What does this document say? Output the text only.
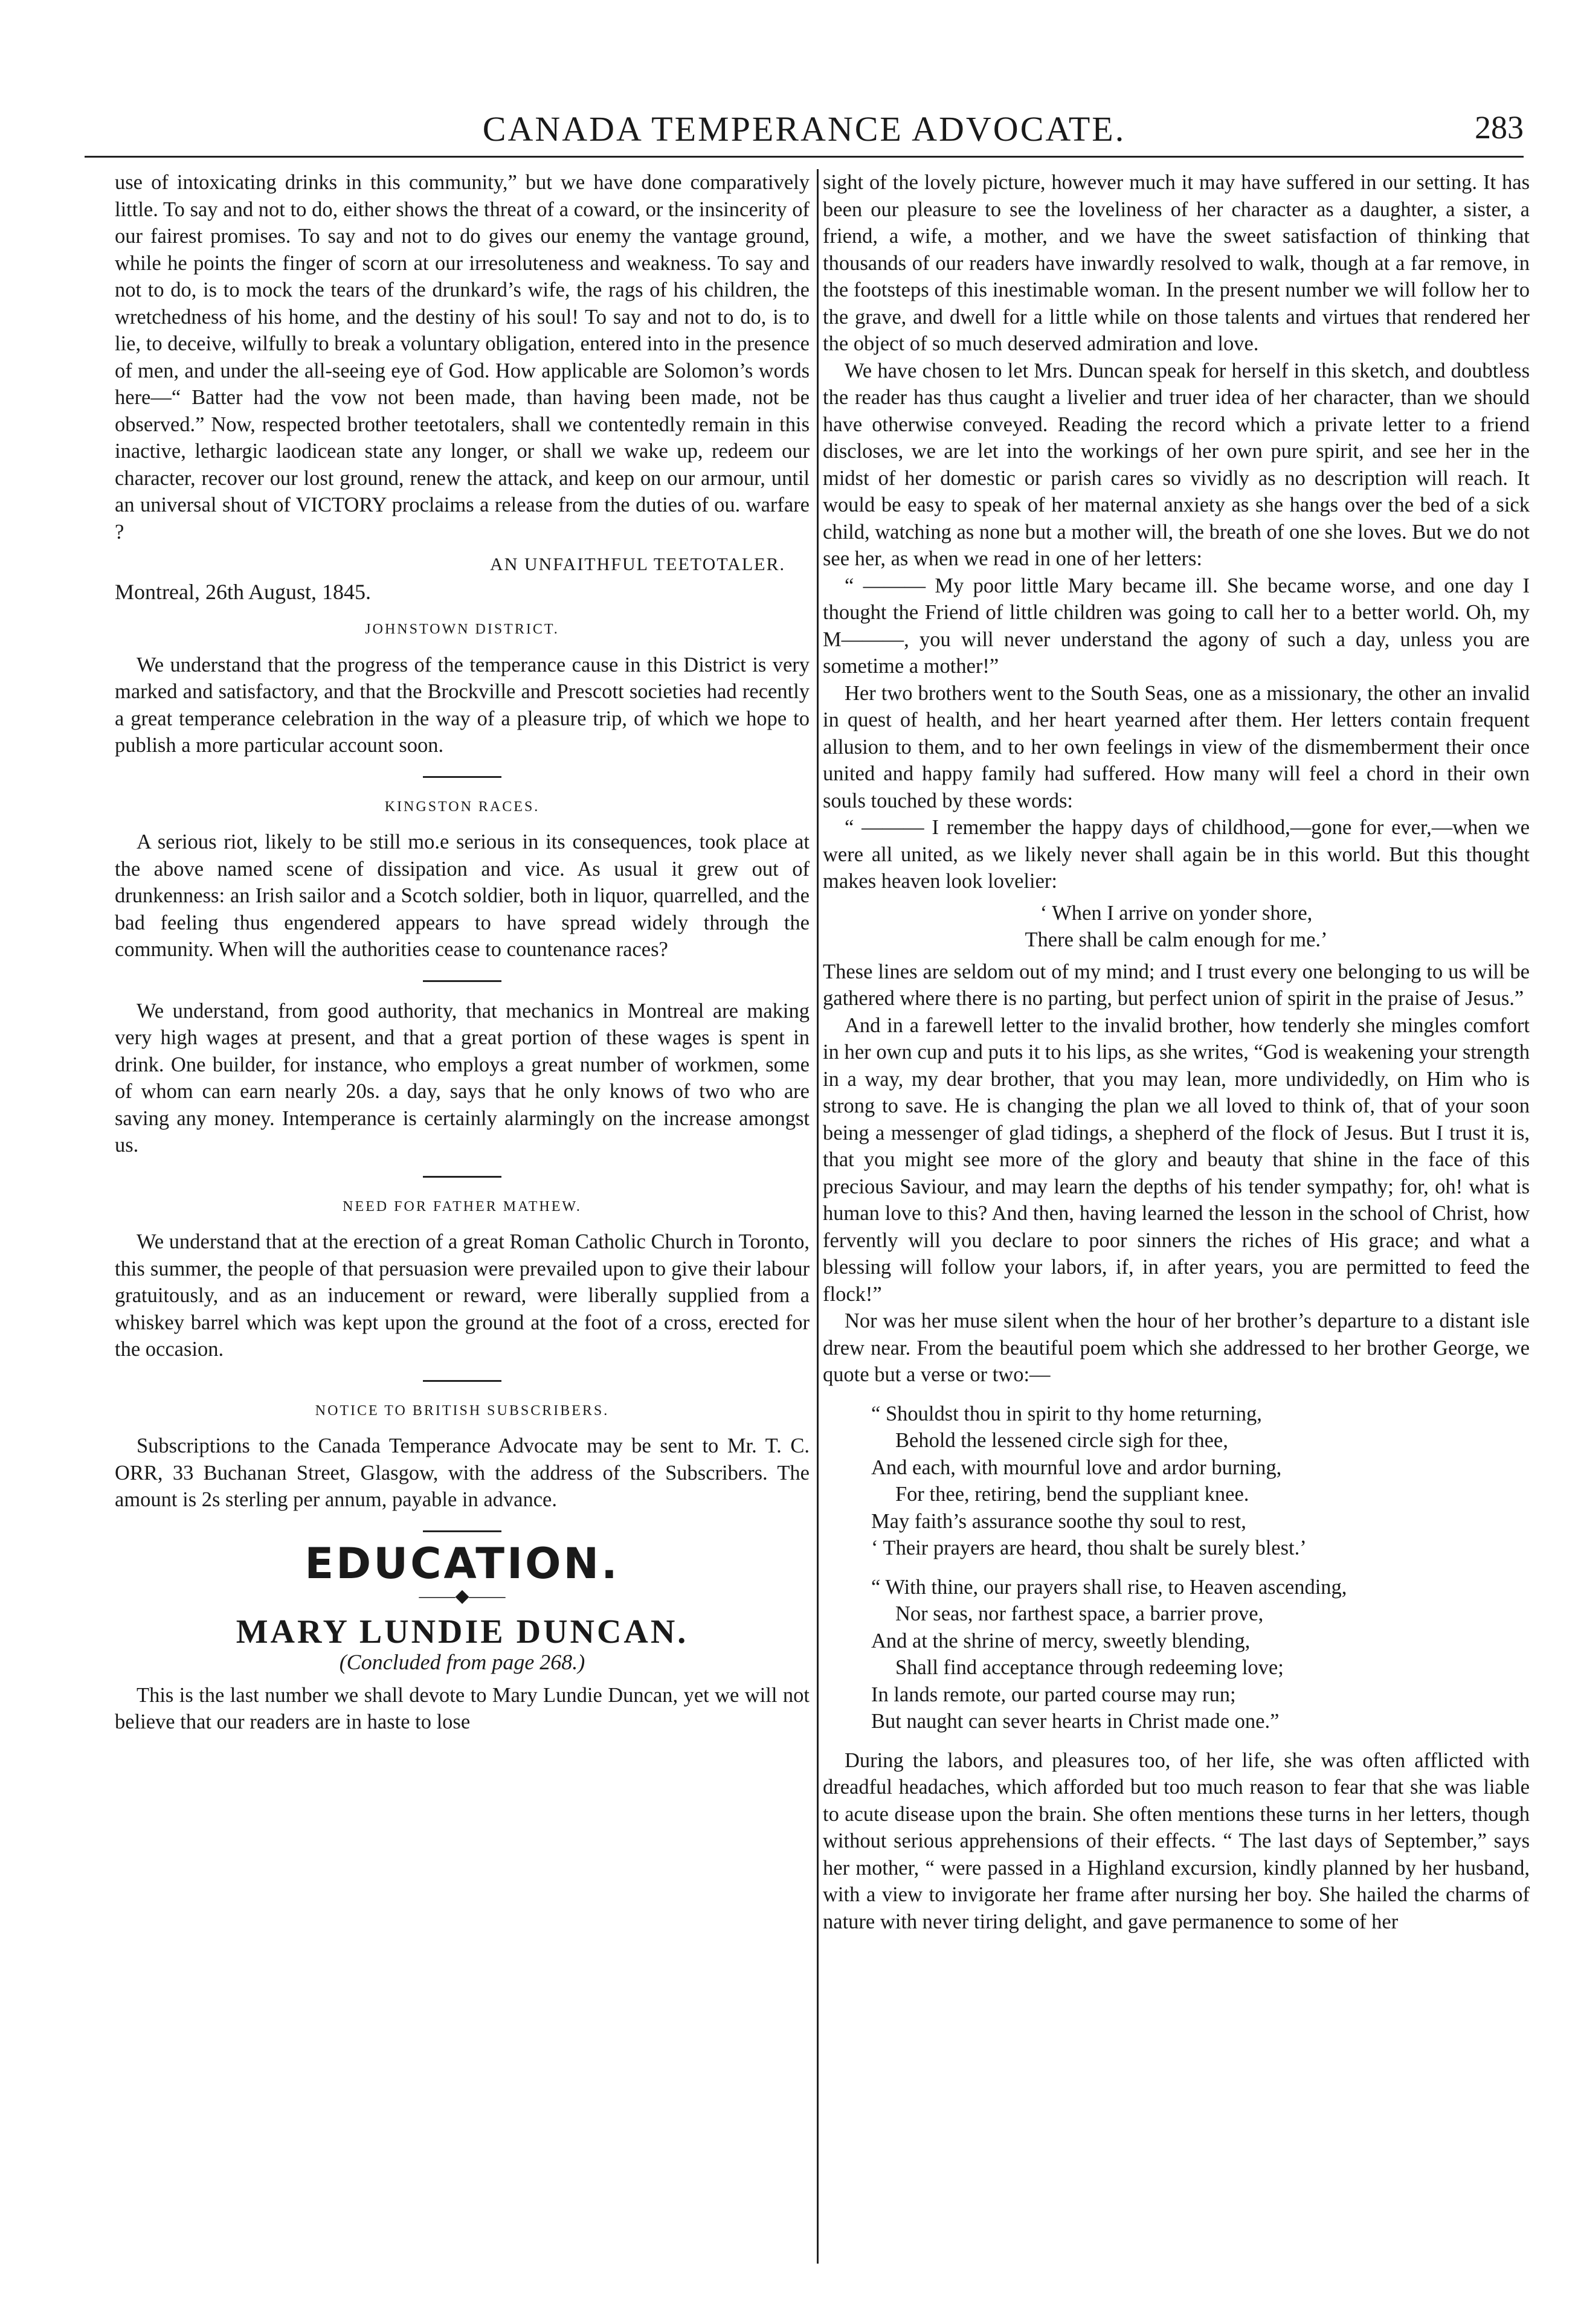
CANADA TEMPERANCE ADVOCATE.	283

use of intoxicating drinks in this community,” but we have done comparatively little. To say and not to do, either shows the threat of a coward, or the insincerity of our fairest promises. To say and not to do gives our enemy the vantage ground, while he points the finger of scorn at our irresoluteness and weakness. To say and not to do, is to mock the tears of the drunkard’s wife, the rags of his children, the wretchedness of his home, and the destiny of his soul! To say and not to do, is to lie, to deceive, wilfully to break a voluntary obligation, entered into in the presence of men, and under the all-seeing eye of God. How applicable are Solomon’s words here—“ Batter had the vow not been made, than having been made, not be observed.” Now, respected brother teetotalers, shall we contentedly remain in this inactive, lethargic laodicean state any longer, or shall we wake up, redeem our character, recover our lost ground, renew the attack, and keep on our armour, until an universal shout of VICTORY proclaims a release from the duties of ou. warfare ?

AN UNFAITHFUL TEETOTALER.

Montreal, 26th August, 1845.

JOHNSTOWN DISTRICT.

We understand that the progress of the temperance cause in this District is very marked and satisfactory, and that the Brockville and Prescott societies had recently a great temperance celebration in the way of a pleasure trip, of which we hope to publish a more particular account soon.

KINGSTON RACES.

A serious riot, likely to be still mo.e serious in its consequences, took place at the above named scene of dissipation and vice. As usual it grew out of drunkenness: an Irish sailor and a Scotch soldier, both in liquor, quarrelled, and the bad feeling thus engendered appears to have spread widely through the community. When will the authorities cease to countenance races?

We understand, from good authority, that mechanics in Montreal are making very high wages at present, and that a great portion of these wages is spent in drink. One builder, for instance, who employs a great number of workmen, some of whom can earn nearly 20s. a day, says that he only knows of two who are saving any money. Intemperance is certainly alarmingly on the increase amongst us.

NEED FOR FATHER MATHEW.

We understand that at the erection of a great Roman Catholic Church in Toronto, this summer, the people of that persuasion were prevailed upon to give their labour gratuitously, and as an inducement or reward, were liberally supplied from a whiskey barrel which was kept upon the ground at the foot of a cross, erected for the occasion.

NOTICE TO BRITISH SUBSCRIBERS.

Subscriptions to the Canada Temperance Advocate may be sent to Mr. T. C. ORR, 33 Buchanan Street, Glasgow, with the address of the Subscribers. The amount is 2s sterling per annum, payable in advance.

EDUCATION.

——◆——

MARY LUNDIE DUNCAN.

(Concluded from page 268.)

This is the last number we shall devote to Mary Lundie Duncan, yet we will not believe that our readers are in haste to lose

sight of the lovely picture, however much it may have suffered in our setting. It has been our pleasure to see the loveliness of her character as a daughter, a sister, a friend, a wife, a mother, and we have the sweet satisfaction of thinking that thousands of our readers have inwardly resolved to walk, though at a far remove, in the footsteps of this inestimable woman. In the present number we will follow her to the grave, and dwell for a little while on those talents and virtues that rendered her the object of so much deserved admiration and love.

We have chosen to let Mrs. Duncan speak for herself in this sketch, and doubtless the reader has thus caught a livelier and truer idea of her character, than we should have otherwise conveyed. Reading the record which a private letter to a friend discloses, we are let into the workings of her own pure spirit, and see her in the midst of her domestic or parish cares so vividly as no description will reach. It would be easy to speak of her maternal anxiety as she hangs over the bed of a sick child, watching as none but a mother will, the breath of one she loves. But we do not see her, as when we read in one of her letters:

“ ——— My poor little Mary became ill. She became worse, and one day I thought the Friend of little children was going to call her to a better world. Oh, my M———, you will never understand the agony of such a day, unless you are sometime a mother!”

Her two brothers went to the South Seas, one as a missionary, the other an invalid in quest of health, and her heart yearned after them. Her letters contain frequent allusion to them, and to her own feelings in view of the dismemberment their once united and happy family had suffered. How many will feel a chord in their own souls touched by these words:

“ ——— I remember the happy days of childhood,—gone for ever,—when we were all united, as we likely never shall again be in this world. But this thought makes heaven look lovelier:

‘ When I arrive on yonder shore,
There shall be calm enough for me.’

These lines are seldom out of my mind; and I trust every one belonging to us will be gathered where there is no parting, but perfect union of spirit in the praise of Jesus.”

And in a farewell letter to the invalid brother, how tenderly she mingles comfort in her own cup and puts it to his lips, as she writes, “God is weakening your strength in a way, my dear brother, that you may lean, more undividedly, on Him who is strong to save. He is changing the plan we all loved to think of, that of your soon being a messenger of glad tidings, a shepherd of the flock of Jesus. But I trust it is, that you might see more of the glory and beauty that shine in the face of this precious Saviour, and may learn the depths of his tender sympathy; for, oh! what is human love to this? And then, having learned the lesson in the school of Christ, how fervently will you declare to poor sinners the riches of His grace; and what a blessing will follow your labors, if, in after years, you are permitted to feed the flock!”

Nor was her muse silent when the hour of her brother’s departure to a distant isle drew near. From the beautiful poem which she addressed to her brother George, we quote but a verse or two:—

“ Shouldst thou in spirit to thy home returning,
Behold the lessened circle sigh for thee,
And each, with mournful love and ardor burning,
For thee, retiring, bend the suppliant knee.
May faith’s assurance soothe thy soul to rest,
‘ Their prayers are heard, thou shalt be surely blest.’
“ With thine, our prayers shall rise, to Heaven ascending,
Nor seas, nor farthest space, a barrier prove,
And at the shrine of mercy, sweetly blending,
Shall find acceptance through redeeming love;
In lands remote, our parted course may run;
But naught can sever hearts in Christ made one.”

During the labors, and pleasures too, of her life, she was often afflicted with dreadful headaches, which afforded but too much reason to fear that she was liable to acute disease upon the brain. She often mentions these turns in her letters, though without serious apprehensions of their effects. “ The last days of September,” says her mother, “ were passed in a Highland excursion, kindly planned by her husband, with a view to invigorate her frame after nursing her boy. She hailed the charms of nature with never tiring delight, and gave permanence to some of her
